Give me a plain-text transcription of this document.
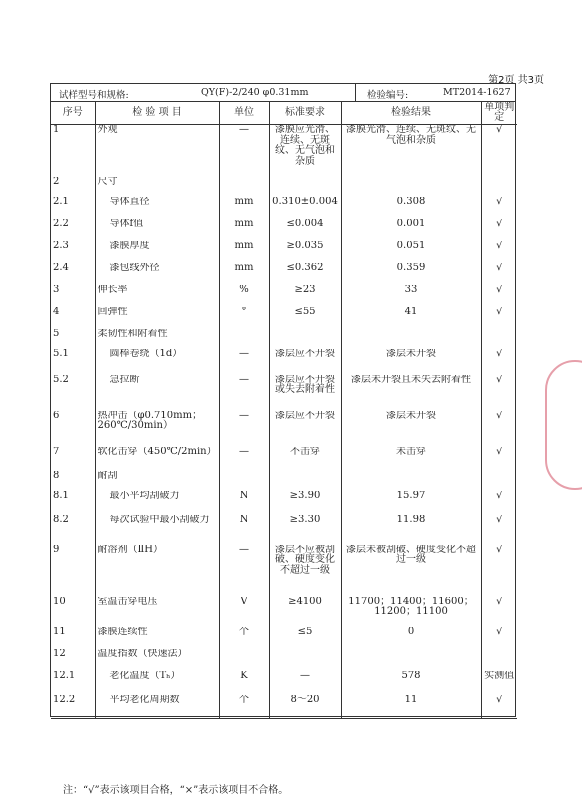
第2页 共3页
试样型号和规格:	QY(F)-2/240 φ0.31mm	检验编号:	MT2014-1627
序号	检 验 项 目	单位	标准要求	检验结果	单项判定
1	外观	—	漆膜应光滑、连续、无斑纹、无气泡和杂质	漆膜光滑、连续、无斑纹、无气泡和杂质	√
2	尺寸				
2.1	导体直径	mm	0.310±0.004	0.308	√
2.2	导体f值	mm	≤0.004	0.001	√
2.3	漆膜厚度	mm	≥0.035	0.051	√
2.4	漆包线外径	mm	≤0.362	0.359	√
3	伸长率	%	≥23	33	√
4	回弹性	°	≤55	41	√
5	柔韧性和附着性				
5.1	圆棒卷绕（1d）	—	漆层应不开裂	漆层未开裂	√
5.2	急拉断	—	漆层应不开裂或失去附着性	漆层未开裂且未失去附着性	√
6	热冲击（φ0.710mm；260℃/30min）	—	漆层应不开裂	漆层未开裂	√
7	软化击穿（450℃/2min）	—	不击穿	未击穿	√
8	耐刮				
8.1	最小平均刮破力	N	≥3.90	15.97	√
8.2	每次试验中最小刮破力	N	≥3.30	11.98	√
9	耐溶剂（ⅡH）	—	漆层不应被刮破、硬度变化不超过一级	漆层未被刮破、硬度变化不超过一级	√
10	室温击穿电压	V	≥4100	11700；11400；11600；11200；11100	√
11	漆膜连续性	个	≤5	0	√
12	温度指数（快速法）				
12.1	老化温度（Tₕ）	K	—	578	实测值
12.2	平均老化周期数	个	8～20	11	√
注：“√”表示该项目合格，“×”表示该项目不合格。
